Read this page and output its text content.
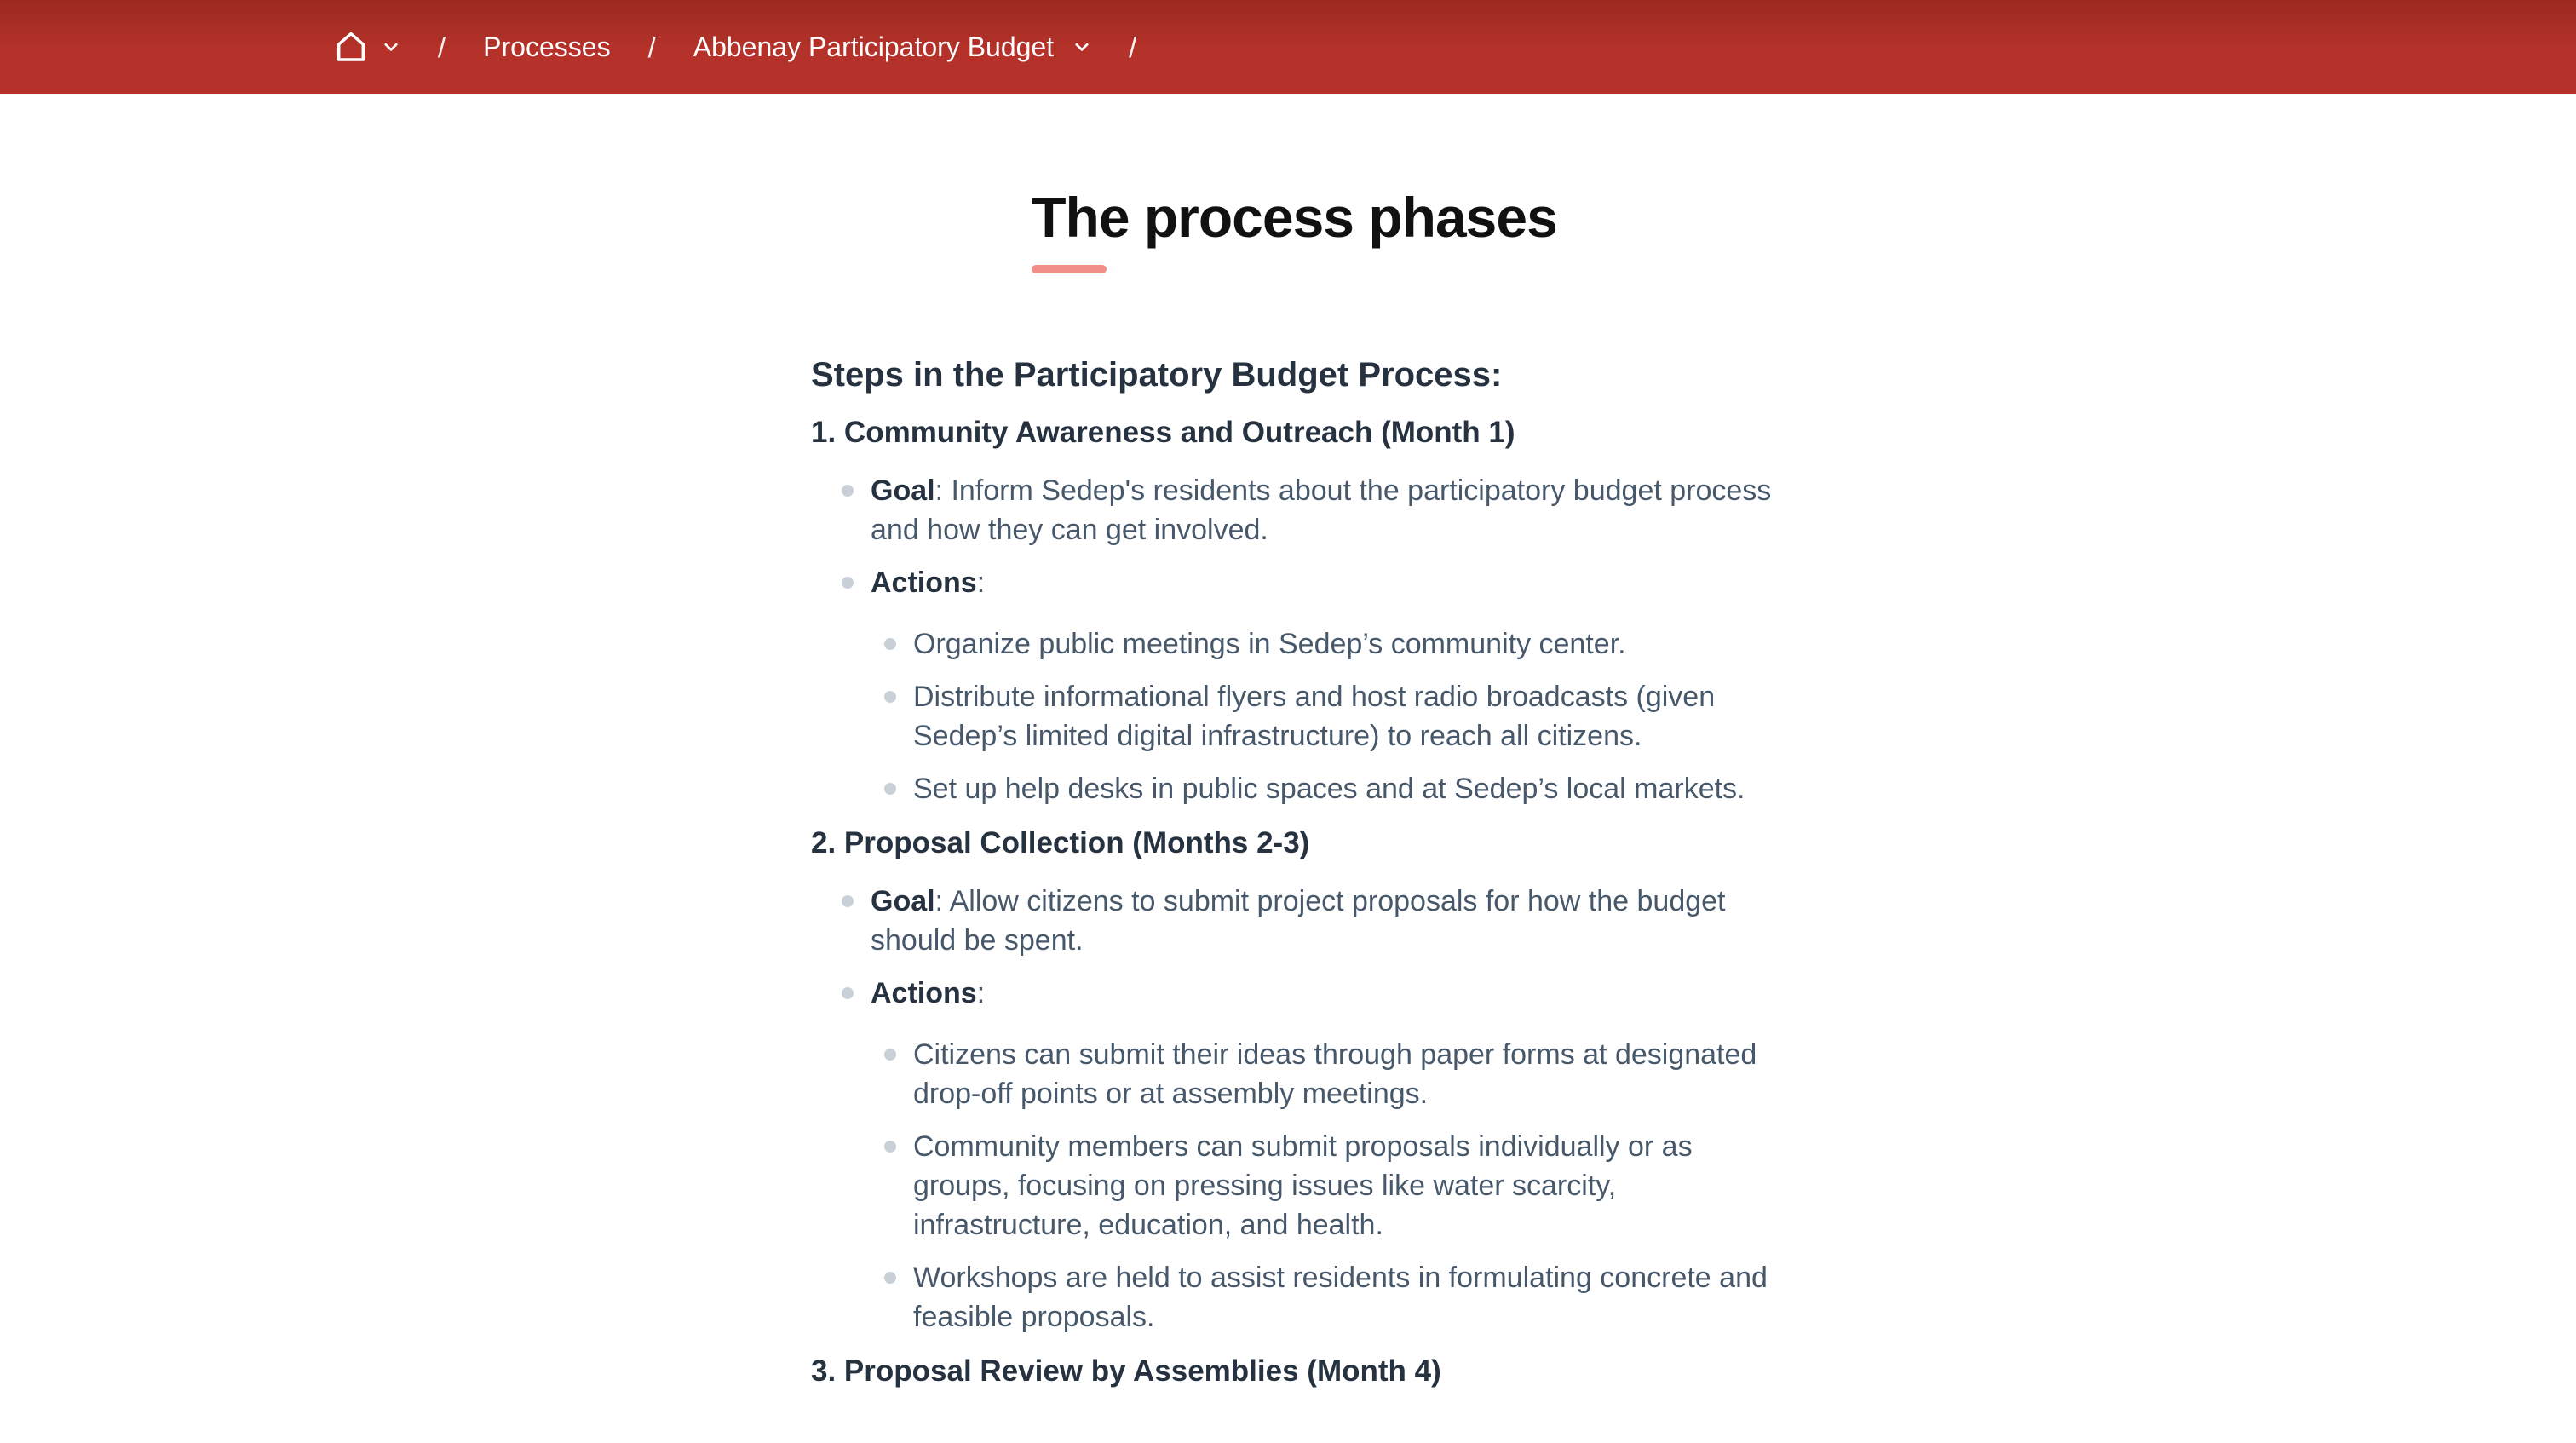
/ Processes / Abbenay Participatory Budget	/
The process phases
Steps in the Participatory Budget Process:
1. Community Awareness and Outreach (Month 1)
Goal: Inform Sedep's residents about the participatory budget process and how they can get involved.
Actions:
Organize public meetings in Sedep’s community center.
Distribute informational flyers and host radio broadcasts (given Sedep’s limited digital infrastructure) to reach all citizens.
Set up help desks in public spaces and at Sedep’s local markets.
2. Proposal Collection (Months 2-3)
Goal: Allow citizens to submit project proposals for how the budget should be spent.
Actions:
Citizens can submit their ideas through paper forms at designated drop-off points or at assembly meetings.
Community members can submit proposals individually or as groups, focusing on pressing issues like water scarcity, infrastructure, education, and health.
Workshops are held to assist residents in formulating concrete and feasible proposals.
3. Proposal Review by Assemblies (Month 4)
